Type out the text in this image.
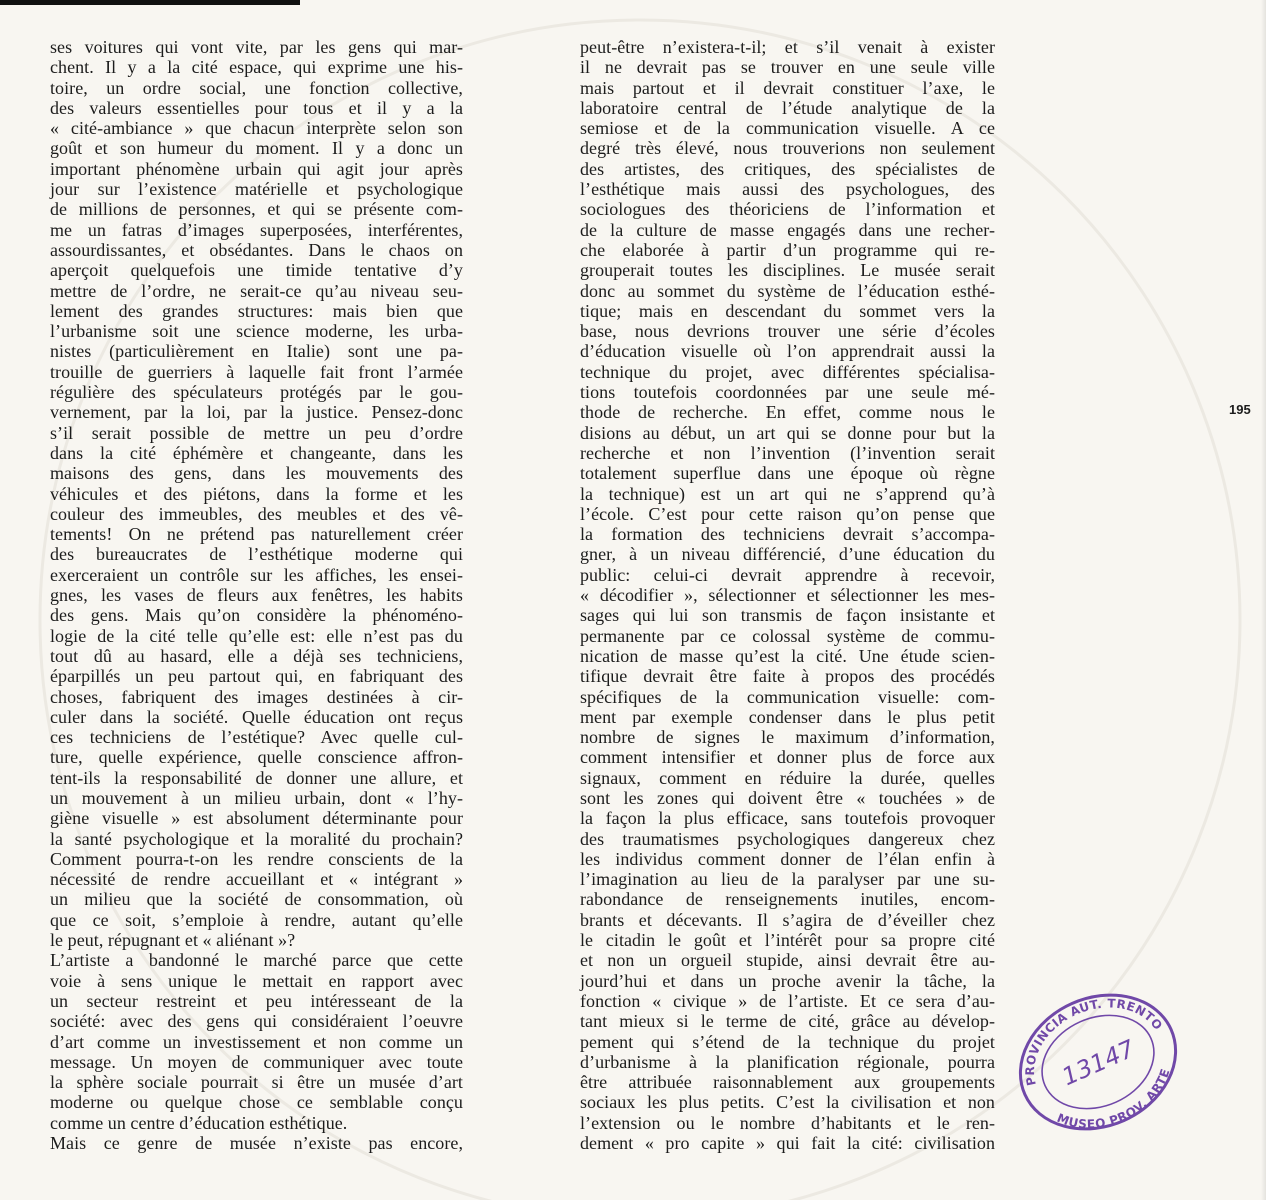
ses voitures qui vont vite, par les gens qui mar-
chent. Il y a la cité espace, qui exprime une his-
toire, un ordre social, une fonction collective,
des valeurs essentielles pour tous et il y a la
« cité-ambiance » que chacun interprète selon son
goût et son humeur du moment. Il y a donc un
important phénomène urbain qui agit jour après
jour sur l’existence matérielle et psychologique
de millions de personnes, et qui se présente com-
me un fatras d’images superposées, interférentes,
assourdissantes, et obsédantes. Dans le chaos on
aperçoit quelquefois une timide tentative d’y
mettre de l’ordre, ne serait-ce qu’au niveau seu-
lement des grandes structures: mais bien que
l’urbanisme soit une science moderne, les urba-
nistes (particulièrement en Italie) sont une pa-
trouille de guerriers à laquelle fait front l’armée
régulière des spéculateurs protégés par le gou-
vernement, par la loi, par la justice. Pensez-donc
s’il serait possible de mettre un peu d’ordre
dans la cité éphémère et changeante, dans les
maisons des gens, dans les mouvements des
véhicules et des piétons, dans la forme et les
couleur des immeubles, des meubles et des vê-
tements! On ne prétend pas naturellement créer
des bureaucrates de l’esthétique moderne qui
exerceraient un contrôle sur les affiches, les ensei-
gnes, les vases de fleurs aux fenêtres, les habits
des gens. Mais qu’on considère la phénoméno-
logie de la cité telle qu’elle est: elle n’est pas du
tout dû au hasard, elle a déjà ses techniciens,
éparpillés un peu partout qui, en fabriquant des
choses, fabriquent des images destinées à cir-
culer dans la société. Quelle éducation ont reçus
ces techniciens de l’estétique? Avec quelle cul-
ture, quelle expérience, quelle conscience affron-
tent-ils la responsabilité de donner une allure, et
un mouvement à un milieu urbain, dont « l’hy-
giène visuelle » est absolument déterminante pour
la santé psychologique et la moralité du prochain?
Comment pourra-t-on les rendre conscients de la
nécessité de rendre accueillant et « intégrant »
un milieu que la société de consommation, où
que ce soit, s’emploie à rendre, autant qu’elle
le peut, répugnant et « aliénant »?
L’artiste a bandonné le marché parce que cette
voie à sens unique le mettait en rapport avec
un secteur restreint et peu intéresseant de la
société: avec des gens qui considéraient l’oeuvre
d’art comme un investissement et non comme un
message. Un moyen de communiquer avec toute
la sphère sociale pourrait si être un musée d’art
moderne ou quelque chose ce semblable conçu
comme un centre d’éducation esthétique.
Mais ce genre de musée n’existe pas encore,
peut-être n’existera-t-il; et s’il venait à exister
il ne devrait pas se trouver en une seule ville
mais partout et il devrait constituer l’axe, le
laboratoire central de l’étude analytique de la
semiose et de la communication visuelle. A ce
degré très élevé, nous trouverions non seulement
des artistes, des critiques, des spécialistes de
l’esthétique mais aussi des psychologues, des
sociologues des théoriciens de l’information et
de la culture de masse engagés dans une recher-
che elaborée à partir d’un programme qui re-
grouperait toutes les disciplines. Le musée serait
donc au sommet du système de l’éducation esthé-
tique; mais en descendant du sommet vers la
base, nous devrions trouver une série d’écoles
d’éducation visuelle où l’on apprendrait aussi la
technique du projet, avec différentes spécialisa-
tions toutefois coordonnées par une seule mé-
thode de recherche. En effet, comme nous le
disions au début, un art qui se donne pour but la
recherche et non l’invention (l’invention serait
totalement superflue dans une époque où règne
la technique) est un art qui ne s’apprend qu’à
l’école. C’est pour cette raison qu’on pense que
la formation des techniciens devrait s’accompa-
gner, à un niveau différencié, d’une éducation du
public: celui-ci devrait apprendre à recevoir,
« décodifier », sélectionner et sélectionner les mes-
sages qui lui son transmis de façon insistante et
permanente par ce colossal système de commu-
nication de masse qu’est la cité. Une étude scien-
tifique devrait être faite à propos des procédés
spécifiques de la communication visuelle: com-
ment par exemple condenser dans le plus petit
nombre de signes le maximum d’information,
comment intensifier et donner plus de force aux
signaux, comment en réduire la durée, quelles
sont les zones qui doivent être « touchées » de
la façon la plus efficace, sans toutefois provoquer
des traumatismes psychologiques dangereux chez
les individus comment donner de l’élan enfin à
l’imagination au lieu de la paralyser par une su-
rabondance de renseignements inutiles, encom-
brants et décevants. Il s’agira de d’éveiller chez
le citadin le goût et l’intérêt pour sa propre cité
et non un orgueil stupide, ainsi devrait être au-
jourd’hui et dans un proche avenir la tâche, la
fonction « civique » de l’artiste. Et ce sera d’au-
tant mieux si le terme de cité, grâce au dévelop-
pement qui s’étend de la technique du projet
d’urbanisme à la planification régionale, pourra
être attribuée raisonnablement aux groupements
sociaux les plus petits. C’est la civilisation et non
l’extension ou le nombre d’habitants et le ren-
dement « pro capite » qui fait la cité: civilisation
195
PROVINCIA AUT. TRENTO
MUSEO PROV. ARTE
13147
